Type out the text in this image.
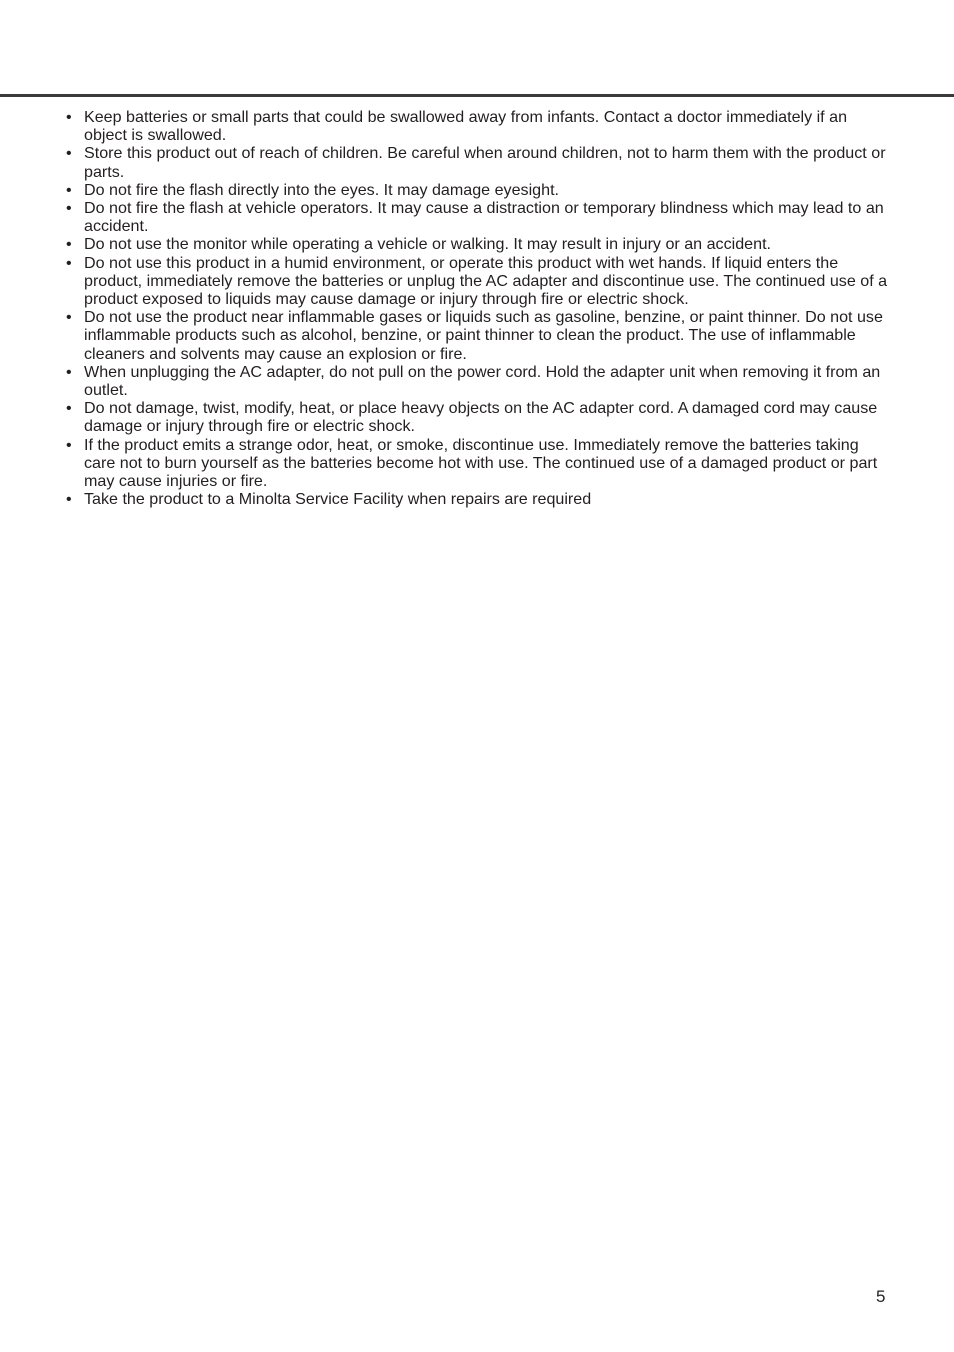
• Keep batteries or small parts that could be swallowed away from infants. Contact a doctor immediately if an object is swallowed.
• Store this product out of reach of children. Be careful when around children, not to harm them with the product or parts.
• Do not fire the flash directly into the eyes. It may damage eyesight.
• Do not fire the flash at vehicle operators. It may cause a distraction or temporary blindness which may lead to an accident.
• Do not use the monitor while operating a vehicle or walking. It may result in injury or an accident.
• Do not use this product in a humid environment, or operate this product with wet hands. If liquid enters the product, immediately remove the batteries or unplug the AC adapter and discontinue use. The continued use of a product exposed to liquids may cause damage or injury through fire or electric shock.
• Do not use the product near inflammable gases or liquids such as gasoline, benzine, or paint thinner. Do not use inflammable products such as alcohol, benzine, or paint thinner to clean the product. The use of inflammable cleaners and solvents may cause an explosion or fire.
• When unplugging the AC adapter, do not pull on the power cord. Hold the adapter unit when removing it from an outlet.
• Do not damage, twist, modify, heat, or place heavy objects on the AC adapter cord. A damaged cord may cause damage or injury through fire or electric shock.
• If the product emits a strange odor, heat, or smoke, discontinue use. Immediately remove the batteries taking care not to burn yourself as the batteries become hot with use. The continued use of a damaged product or part may cause injuries or fire.
• Take the product to a Minolta Service Facility when repairs are required
5
